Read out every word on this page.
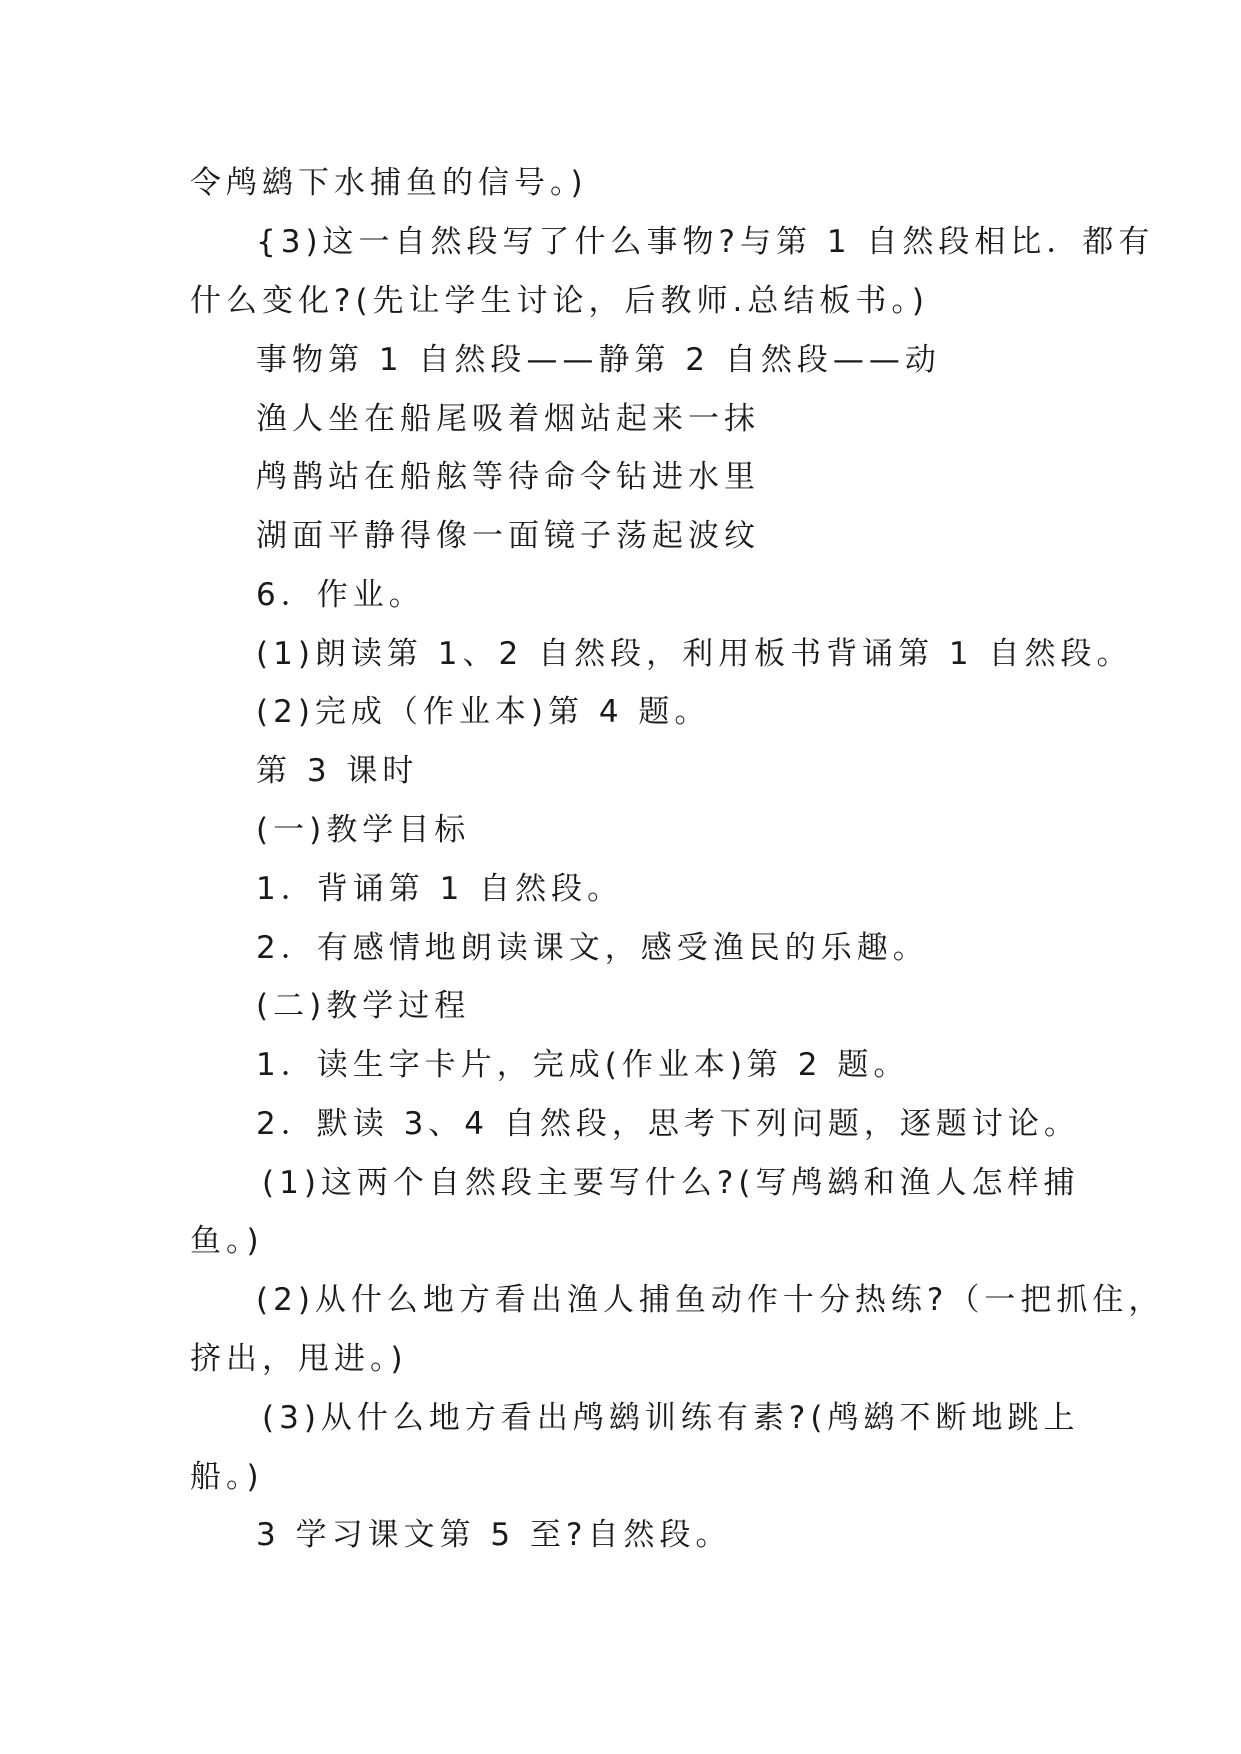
令鸬鹚下水捕鱼的信号。)
{3)这一自然段写了什么事物?与第 1 自然段相比．都有
什么变化?(先让学生讨论，后教师.总结板书。)
事物第 1 自然段——静第 2 自然段——动
渔人坐在船尾吸着烟站起来一抹
鸬鹊站在船舷等待命令钻进水里
湖面平静得像一面镜子荡起波纹
6．作业。
(1)朗读第 1、2 自然段，利用板书背诵第 1 自然段。
(2)完成（作业本)第 4 题。
第 3 课时
(一)教学目标
1．背诵第 1 自然段。
2．有感情地朗读课文，感受渔民的乐趣。
(二)教学过程
1．读生字卡片，完成(作业本)第 2 题。
2．默读 3、4 自然段，思考下列问题，逐题讨论。
(1)这两个自然段主要写什么?(写鸬鹚和渔人怎样捕
鱼。)
(2)从什么地方看出渔人捕鱼动作十分热练?（一把抓住，
挤出，甩进。)
(3)从什么地方看出鸬鹚训练有素?(鸬鹚不断地跳上
船。)
3 学习课文第 5 至?自然段。
